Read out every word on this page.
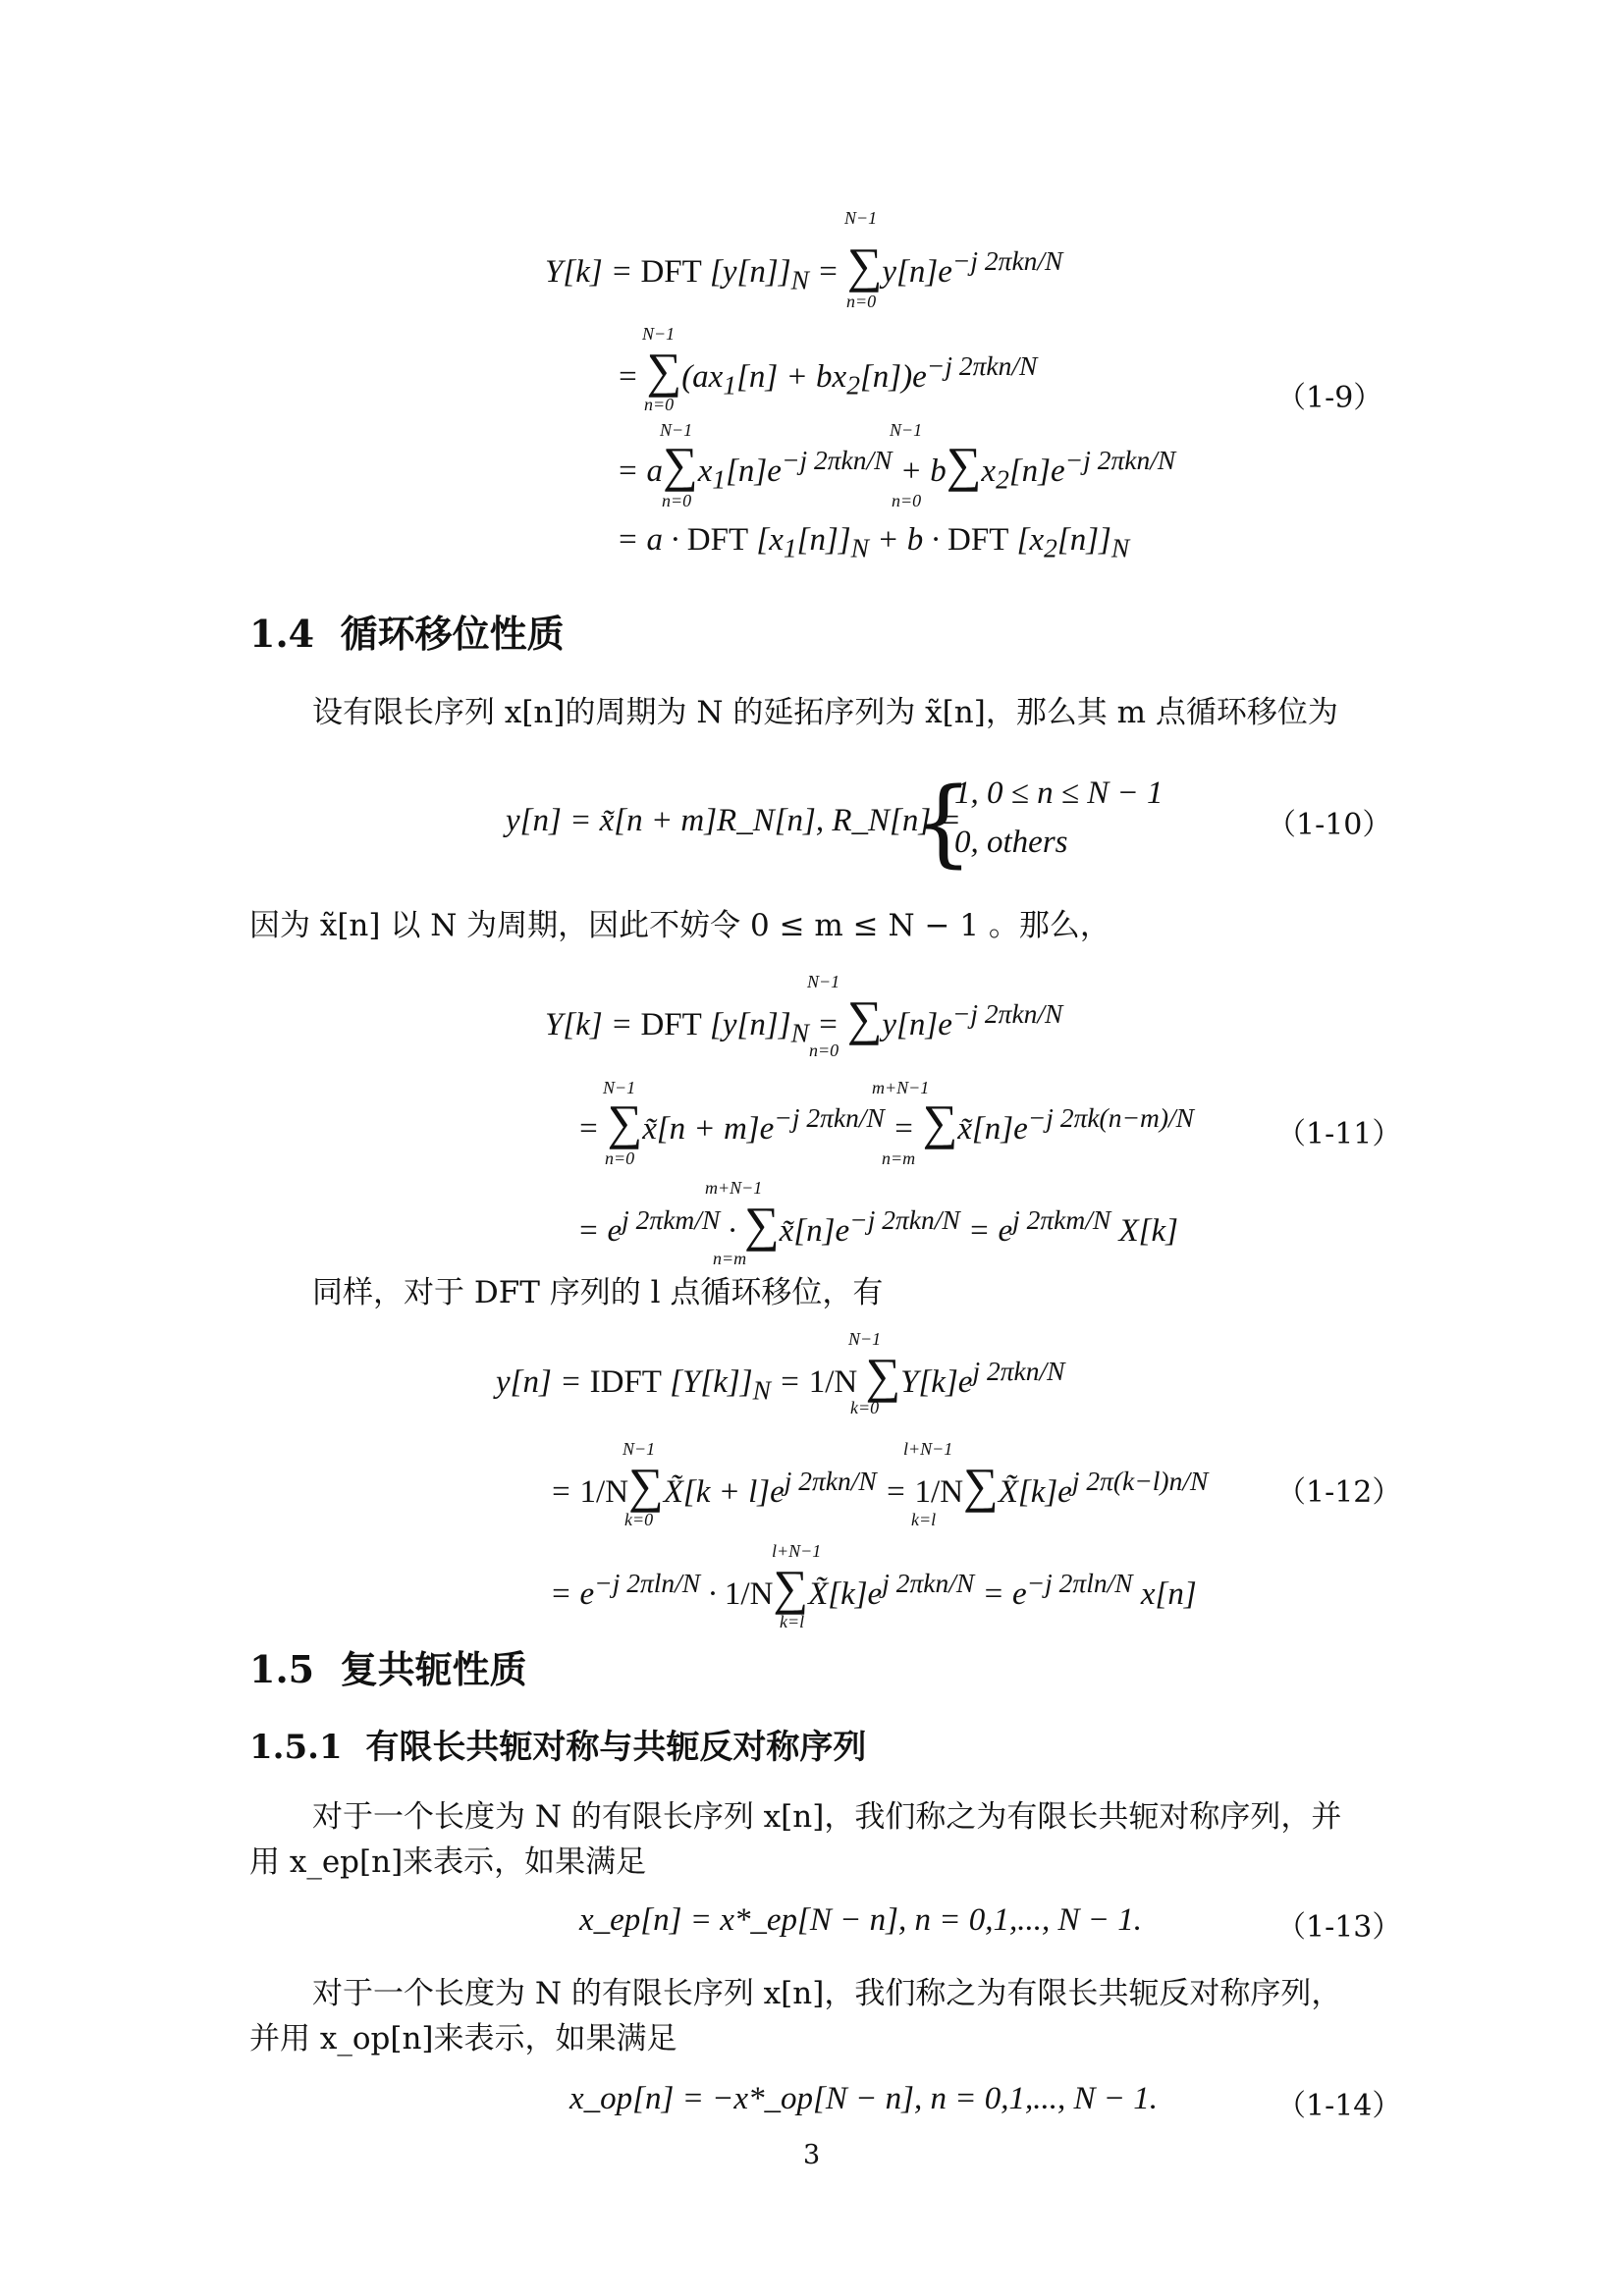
Y[k] = DFT $[y[n]]_N = \sum y[n]e^{-j 2\pi kn/N}$
N−1
n=0
= $\sum(ax_1[n] + bx_2[n])e^{-j 2\pi kn/N}$
N−1
n=0
= $a\sum x_1[n]e^{-j 2\pi kn/N} + b\sum x_2[n]e^{-j 2\pi kn/N}$
N−1
n=0
N−1
n=0
= a · DFT $[x_1[n]]_N + b$ · DFT $[x_2[n]]_N$
（1-9）
1.4 循环移位性质
设有限长序列 x[n]的周期为 N 的延拓序列为 x̃[n]，那么其 m 点循环移位为
y[n] = x̃[n + m]R_N[n], R_N[n] =
{
1, 0 ≤ n ≤ N − 1
0, others	（1-10）
因为 x̃[n] 以 N 为周期，因此不妨令 0 ≤ m ≤ N − 1 。那么，
Y[k] = DFT $[y[n]]_N = \sum y[n]e^{-j 2\pi kn/N}$
N−1
n=0
= ∑x̃[n + $m]e^{-j 2\pi kn/N}$ = $\sum x̃[n]e^{-j 2\pi k(n-m)/N}$
N−1
n=0
m+N−1
n=m
= $e^{j 2\pi km/N}$ · $\sum x̃[n]e^{-j 2\pi kn/N} = e^{j 2\pi km/N}$ X[k]
m+N−1
n=m
（1-11）
同样，对于 DFT 序列的 l 点循环移位，有
y[n] = IDFT $[Y[k]]_N = 1/N$ $\sum Y[k]e^{j 2\pi kn/N}$
N−1
k=0
= 1/N∑X̃[k + $l]e^{j 2\pi kn/N}$ = $1/N\sum X̃[k]e^{j 2\pi(k-l)n/N}$
N−1
k=0
l+N−1
k=l
= $e^{-j 2\pi ln/N}$ · $1/N\sum X̃[k]e^{j 2\pi kn/N} = e^{-j 2\pi ln/N}$ x[n]
l+N−1
k=l
（1-12）
1.5 复共轭性质
1.5.1 有限长共轭对称与共轭反对称序列
对于一个长度为 N 的有限长序列 x[n]，我们称之为有限长共轭对称序列，并
用 x_ep[n]来表示，如果满足
x_ep[n] = x*_ep[N − n], n = 0,1,..., N − 1.	（1-13）
对于一个长度为 N 的有限长序列 x[n]，我们称之为有限长共轭反对称序列，
并用 x_op[n]来表示，如果满足
x_op[n] = −x*_op[N − n], n = 0,1,..., N − 1.	（1-14）
3
